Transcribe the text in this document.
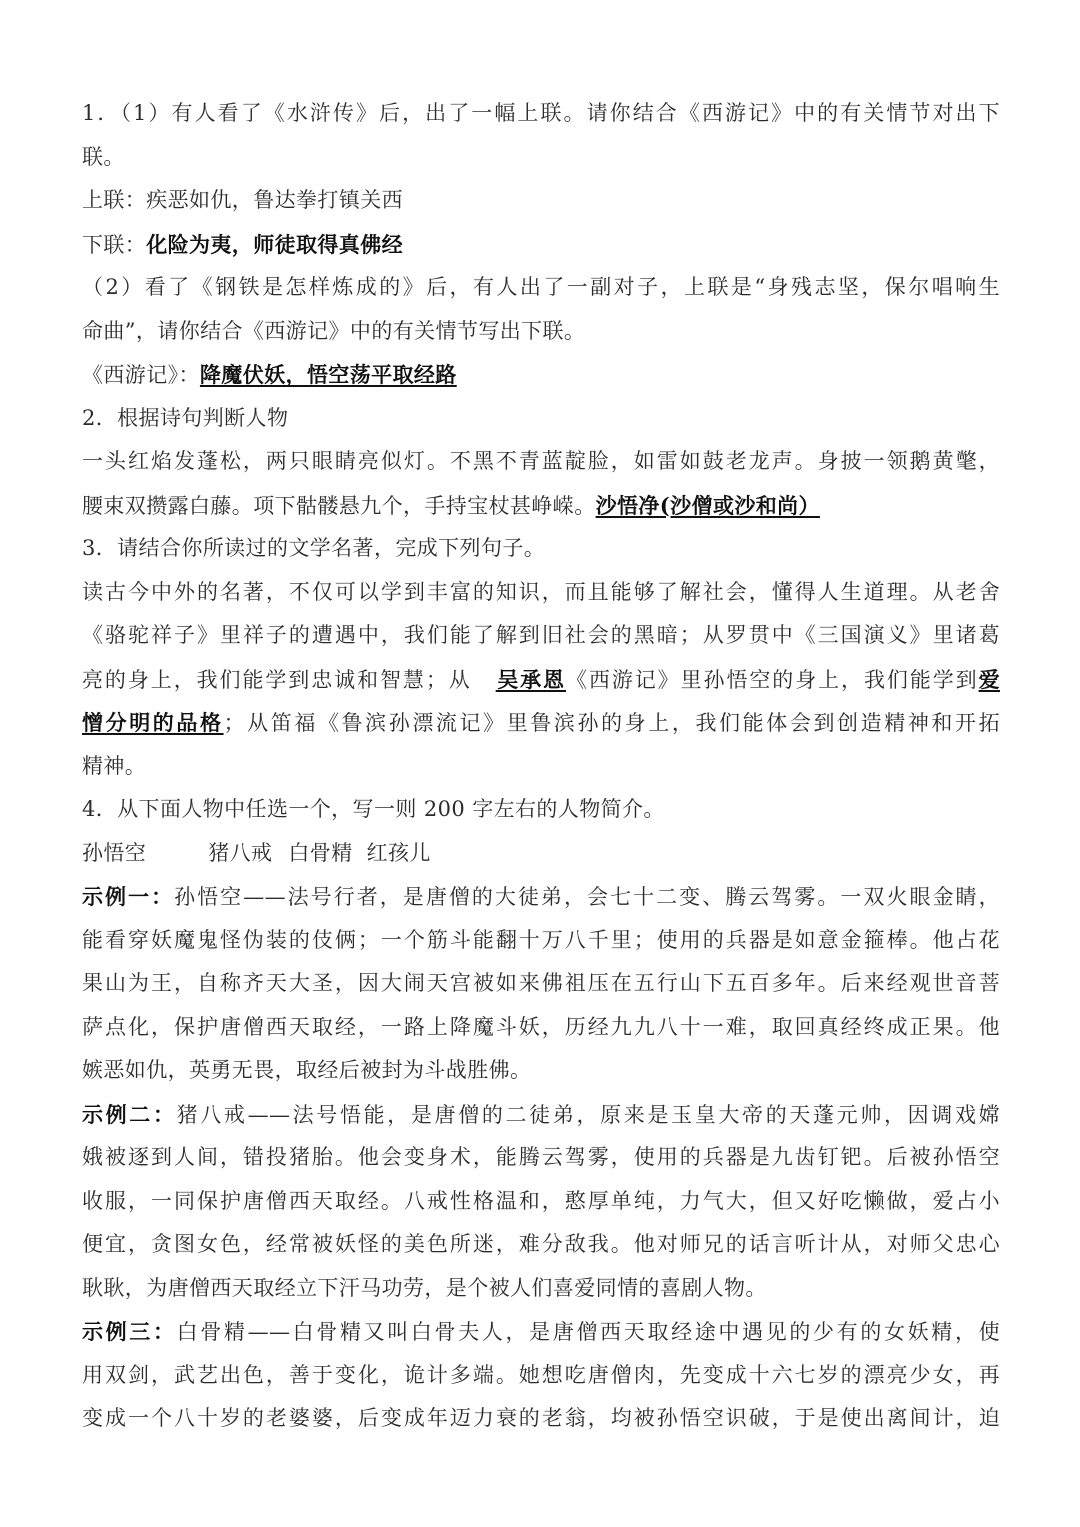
1．（1）有人看了《水浒传》后，出了一幅上联。请你结合《西游记》中的有关情节对出下
联。
上联：疾恶如仇，鲁达拳打镇关西
下联：化险为夷，师徒取得真佛经
（2）看了《钢铁是怎样炼成的》后，有人出了一副对子，上联是“身残志坚，保尔唱响生
命曲”，请你结合《西游记》中的有关情节写出下联。
《西游记》：降魔伏妖，悟空荡平取经路
2．根据诗句判断人物
一头红焰发蓬松，两只眼睛亮似灯。不黑不青蓝靛脸，如雷如鼓老龙声。身披一领鹅黄氅，
腰束双攒露白藤。项下骷髅悬九个，手持宝杖甚峥嵘。沙悟净(沙僧或沙和尚）
3．请结合你所读过的文学名著，完成下列句子。
读古今中外的名著，不仅可以学到丰富的知识，而且能够了解社会，懂得人生道理。从老舍
《骆驼祥子》里祥子的遭遇中，我们能了解到旧社会的黑暗；从罗贯中《三国演义》里诸葛
亮的身上，我们能学到忠诚和智慧；从 吴承恩《西游记》里孙悟空的身上，我们能学到爱
憎分明的品格；从笛福《鲁滨孙漂流记》里鲁滨孙的身上，我们能体会到创造精神和开拓
精神。
4．从下面人物中任选一个，写一则 200 字左右的人物简介。
孙悟空	猪八戒 白骨精 红孩儿
示例一：孙悟空——法号行者，是唐僧的大徒弟，会七十二变、腾云驾雾。一双火眼金睛，
能看穿妖魔鬼怪伪装的伎俩；一个筋斗能翻十万八千里；使用的兵器是如意金箍棒。他占花
果山为王，自称齐天大圣，因大闹天宫被如来佛祖压在五行山下五百多年。后来经观世音菩
萨点化，保护唐僧西天取经，一路上降魔斗妖，历经九九八十一难，取回真经终成正果。他
嫉恶如仇，英勇无畏，取经后被封为斗战胜佛。
示例二：猪八戒——法号悟能，是唐僧的二徒弟，原来是玉皇大帝的天蓬元帅，因调戏嫦
娥被逐到人间，错投猪胎。他会变身术，能腾云驾雾，使用的兵器是九齿钉钯。后被孙悟空
收服，一同保护唐僧西天取经。八戒性格温和，憨厚单纯，力气大，但又好吃懒做，爱占小
便宜，贪图女色，经常被妖怪的美色所迷，难分敌我。他对师兄的话言听计从，对师父忠心
耿耿，为唐僧西天取经立下汗马功劳，是个被人们喜爱同情的喜剧人物。
示例三：白骨精——白骨精又叫白骨夫人，是唐僧西天取经途中遇见的少有的女妖精，使
用双剑，武艺出色，善于变化，诡计多端。她想吃唐僧肉，先变成十六七岁的漂亮少女，再
变成一个八十岁的老婆婆，后变成年迈力衰的老翁，均被孙悟空识破，于是使出离间计，迫
